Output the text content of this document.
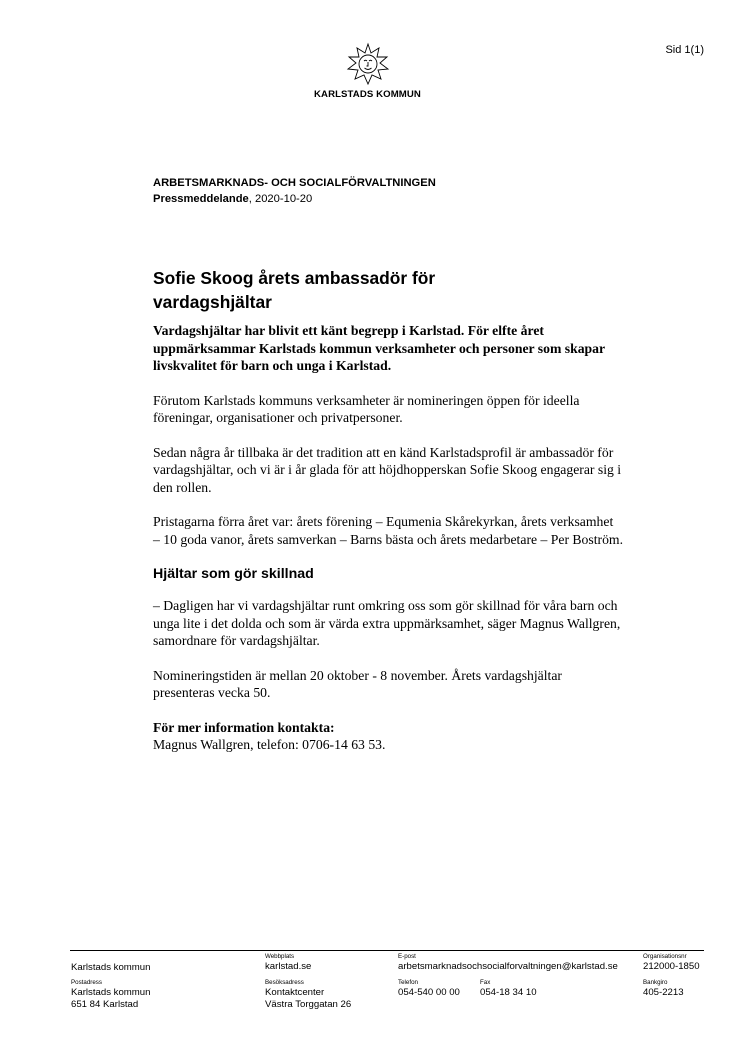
Sid 1(1)
KARLSTADS KOMMUN
ARBETSMARKNADS- OCH SOCIALFÖRVALTNINGEN
Pressmeddelande, 2020-10-20
Sofie Skoog årets ambassadör för
vardagshjältar

Vardagshjältar har blivit ett känt begrepp i Karlstad. För elfte året uppmärksammar Karlstads kommun verksamheter och personer som skapar livskvalitet för barn och unga i Karlstad.

Förutom Karlstads kommuns verksamheter är nomineringen öppen för ideella föreningar, organisationer och privatpersoner.

Sedan några år tillbaka är det tradition att en känd Karlstadsprofil är ambassadör för vardagshjältar, och vi är i år glada för att höjdhopperskan Sofie Skoog engagerar sig i den rollen.

Pristagarna förra året var: årets förening – Equmenia Skårekyrkan, årets verksamhet – 10 goda vanor, årets samverkan – Barns bästa och årets medarbetare – Per Boström.

Hjältar som gör skillnad

– Dagligen har vi vardagshjältar runt omkring oss som gör skillnad för våra barn och unga lite i det dolda och som är värda extra uppmärksamhet, säger Magnus Wallgren, samordnare för vardagshjältar.

Nomineringstiden är mellan 20 oktober - 8 november. Årets vardagshjältar presenteras vecka 50.

För mer information kontakta:
Magnus Wallgren, telefon: 0706-14 63 53.
Karlstads kommun
Webbplats
karlstad.se
E-post
arbetsmarknadsochsocialforvaltningen@karlstad.se
Organisationsnr
212000-1850
Postadress
Karlstads kommun
651 84 Karlstad
Besöksadress
Kontaktcenter
Västra Torggatan 26
Telefon
054-540 00 00
Fax
054-18 34 10
Bankgiro
405-2213
